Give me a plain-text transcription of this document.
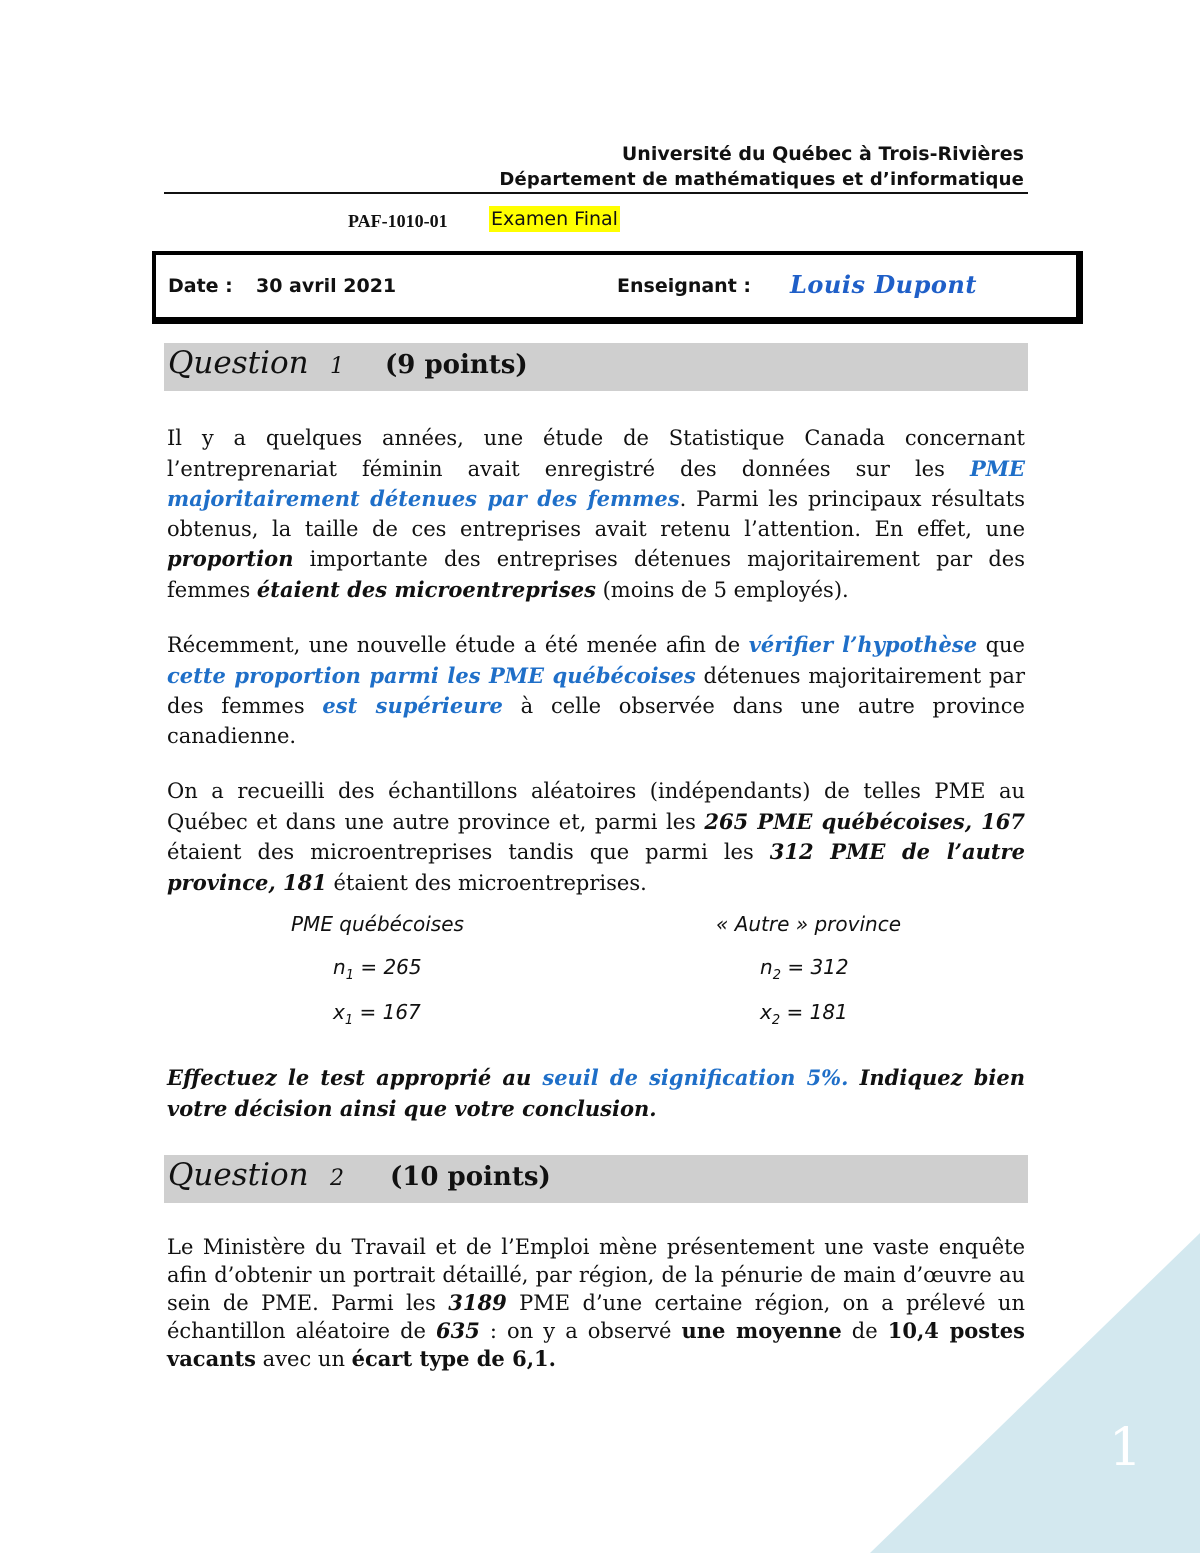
Université du Québec à Trois-Rivières
Département de mathématiques et d’informatique
PAF-1010-01 Examen Final
Date : 30 avril 2021	Enseignant : Louis Dupont
Question 1 (9 points)
Il y a quelques années, une étude de Statistique Canada concernant l’entreprenariat féminin avait enregistré des données sur les PME majoritairement détenues par des femmes. Parmi les principaux résultats obtenus, la taille de ces entreprises avait retenu l’attention. En effet, une proportion importante des entreprises détenues majoritairement par des femmes étaient des microentreprises (moins de 5 employés).
Récemment, une nouvelle étude a été menée afin de vérifier l’hypothèse que cette proportion parmi les PME québécoises détenues majoritairement par des femmes est supérieure à celle observée dans une autre province canadienne.
On a recueilli des échantillons aléatoires (indépendants) de telles PME au Québec et dans une autre province et, parmi les 265 PME québécoises, 167 étaient des microentreprises tandis que parmi les 312 PME de l’autre province, 181 étaient des microentreprises.
PME québécoises	« Autre » province
$n_1 = 265$
$x_1 = 167$
$n_2 = 312$
$x_2 = 181$
Effectuez le test approprié au seuil de signification 5%. Indiquez bien votre décision ainsi que votre conclusion.
Question 2 (10 points)
Le Ministère du Travail et de l’Emploi mène présentement une vaste enquête afin d’obtenir un portrait détaillé, par région, de la pénurie de main d’œuvre au sein de PME. Parmi les 3189 PME d’une certaine région, on a prélevé un échantillon aléatoire de 635 : on y a observé une moyenne de 10,4 postes vacants avec un écart type de 6,1.
1
